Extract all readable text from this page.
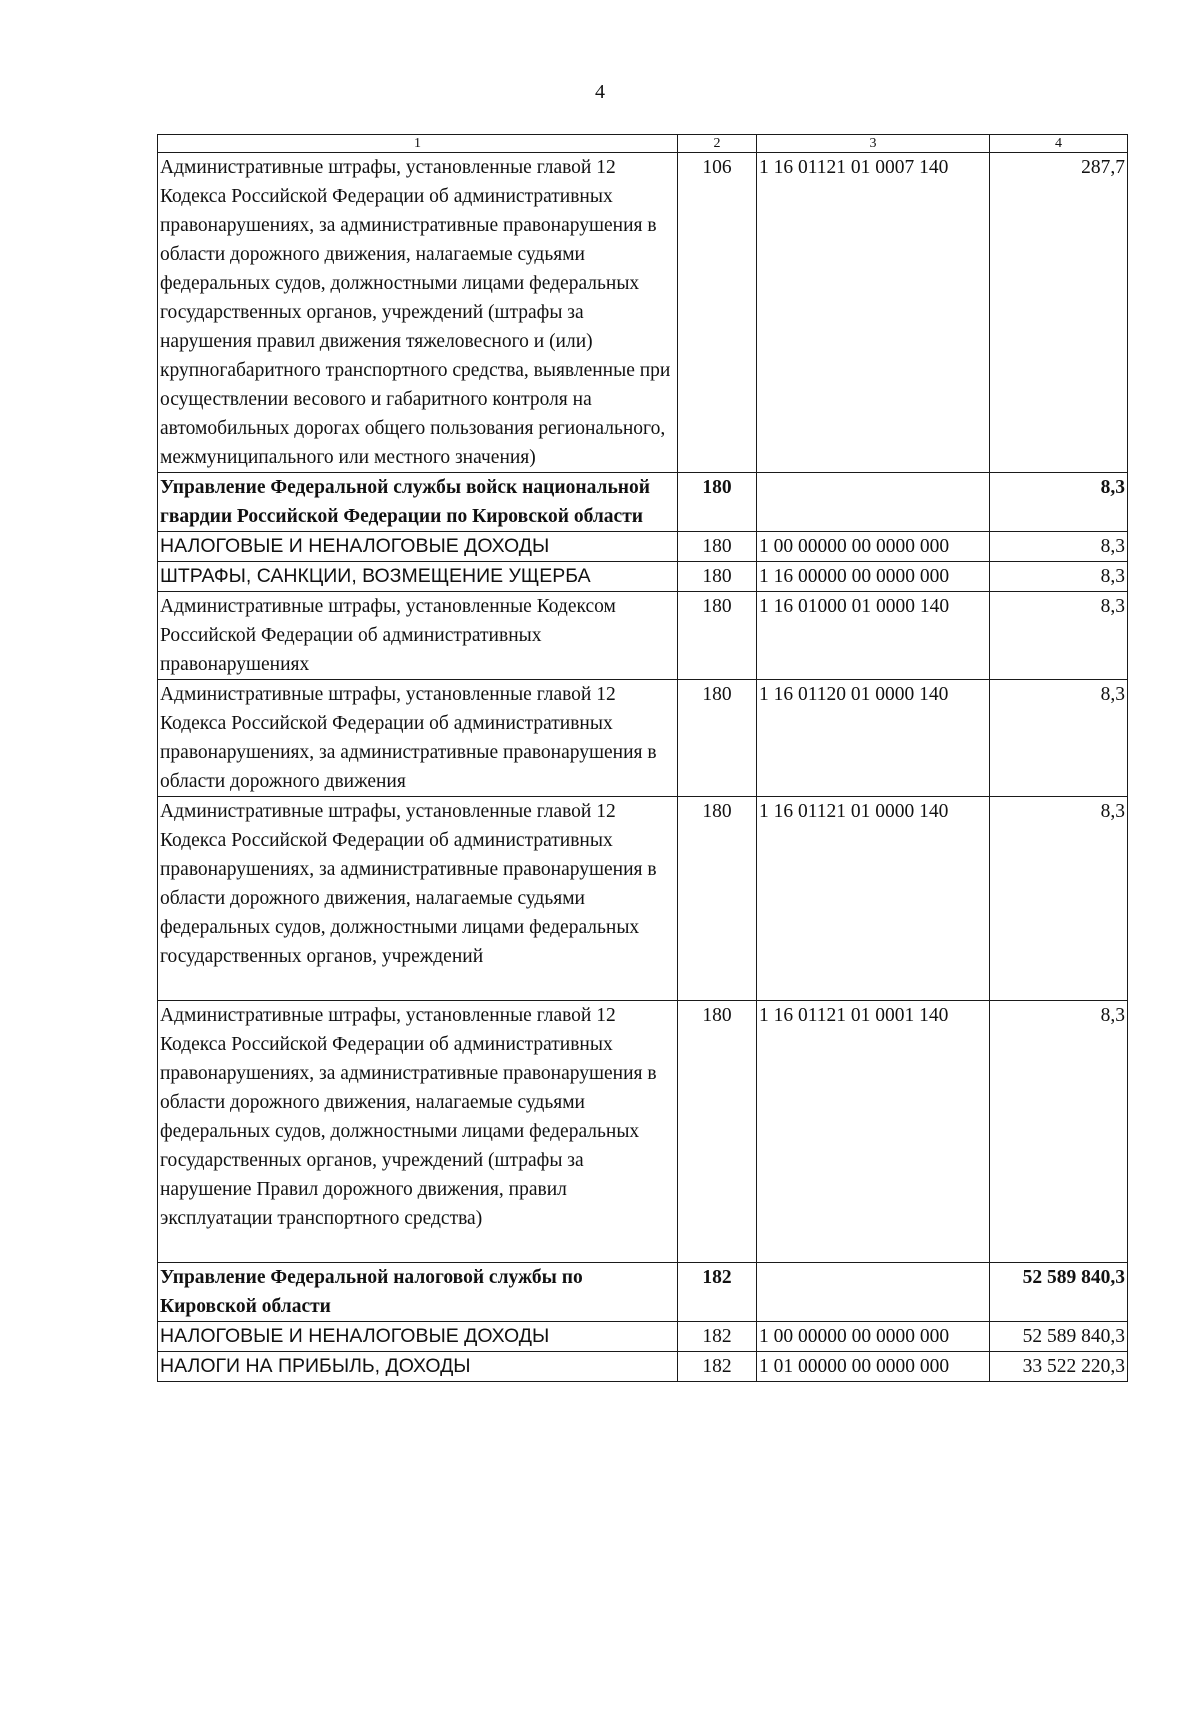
4
1	2	3	4
Административные штрафы, установленные главой 12 Кодекса Российской Федерации об административных правонарушениях, за административные правонарушения в области дорожного движения, налагаемые судьями федеральных судов, должностными лицами федеральных государственных органов, учреждений (штрафы за нарушения правил движения тяжеловесного и (или) крупногабаритного транспортного средства, выявленные при осуществлении весового и габаритного контроля на автомобильных дорогах общего пользования регионального, межмуниципального или местного значения)	106	1 16 01121 01 0007 140	287,7
Управление Федеральной службы войск национальной гвардии Российской Федерации по Кировской области	180		8,3
НАЛОГОВЫЕ И НЕНАЛОГОВЫЕ ДОХОДЫ	180	1 00 00000 00 0000 000	8,3
ШТРАФЫ, САНКЦИИ, ВОЗМЕЩЕНИЕ УЩЕРБА	180	1 16 00000 00 0000 000	8,3
Административные штрафы, установленные Кодексом Российской Федерации об административных правонарушениях	180	1 16 01000 01 0000 140	8,3
Административные штрафы, установленные главой 12 Кодекса Российской Федерации об административных правонарушениях, за административные правонарушения в области дорожного движения	180	1 16 01120 01 0000 140	8,3
Административные штрафы, установленные главой 12 Кодекса Российской Федерации об административных правонарушениях, за административные правонарушения в области дорожного движения, налагаемые судьями федеральных судов, должностными лицами федеральных государственных органов, учреждений	180	1 16 01121 01 0000 140	8,3
Административные штрафы, установленные главой 12 Кодекса Российской Федерации об административных правонарушениях, за административные правонарушения в области дорожного движения, налагаемые судьями федеральных судов, должностными лицами федеральных государственных органов, учреждений (штрафы за нарушение Правил дорожного движения, правил эксплуатации транспортного средства)	180	1 16 01121 01 0001 140	8,3
Управление Федеральной налоговой службы по Кировской области	182		52 589 840,3
НАЛОГОВЫЕ И НЕНАЛОГОВЫЕ ДОХОДЫ	182	1 00 00000 00 0000 000	52 589 840,3
НАЛОГИ НА ПРИБЫЛЬ, ДОХОДЫ	182	1 01 00000 00 0000 000	33 522 220,3
